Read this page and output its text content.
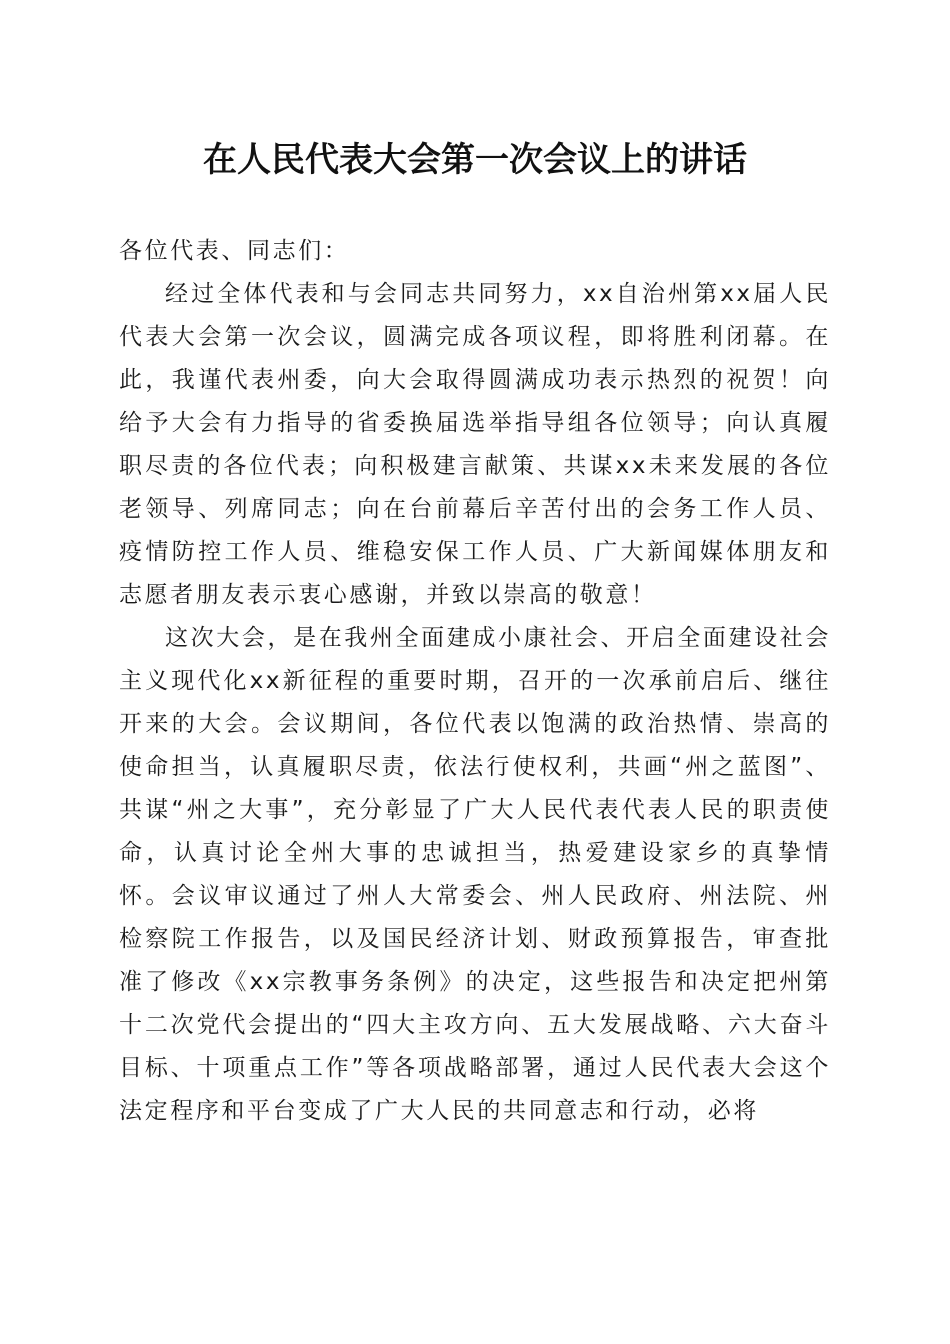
在人民代表大会第一次会议上的讲话

各位代表、同志们：

经过全体代表和与会同志共同努力，xx自治州第xx届人民代表大会第一次会议，圆满完成各项议程，即将胜利闭幕。在此，我谨代表州委，向大会取得圆满成功表示热烈的祝贺！向给予大会有力指导的省委换届选举指导组各位领导；向认真履职尽责的各位代表；向积极建言献策、共谋xx未来发展的各位老领导、列席同志；向在台前幕后辛苦付出的会务工作人员、疫情防控工作人员、维稳安保工作人员、广大新闻媒体朋友和志愿者朋友表示衷心感谢，并致以崇高的敬意！

这次大会，是在我州全面建成小康社会、开启全面建设社会主义现代化xx新征程的重要时期，召开的一次承前启后、继往开来的大会。会议期间，各位代表以饱满的政治热情、崇高的使命担当，认真履职尽责，依法行使权利，共画“州之蓝图”、共谋“州之大事”，充分彰显了广大人民代表代表人民的职责使命，认真讨论全州大事的忠诚担当，热爱建设家乡的真挚情怀。会议审议通过了州人大常委会、州人民政府、州法院、州检察院工作报告，以及国民经济计划、财政预算报告，审查批准了修改《xx宗教事务条例》的决定，这些报告和决定把州第十二次党代会提出的“四大主攻方向、五大发展战略、六大奋斗目标、十项重点工作”等各项战略部署，通过人民代表大会这个法定程序和平台变成了广大人民的共同意志和行动，必将
